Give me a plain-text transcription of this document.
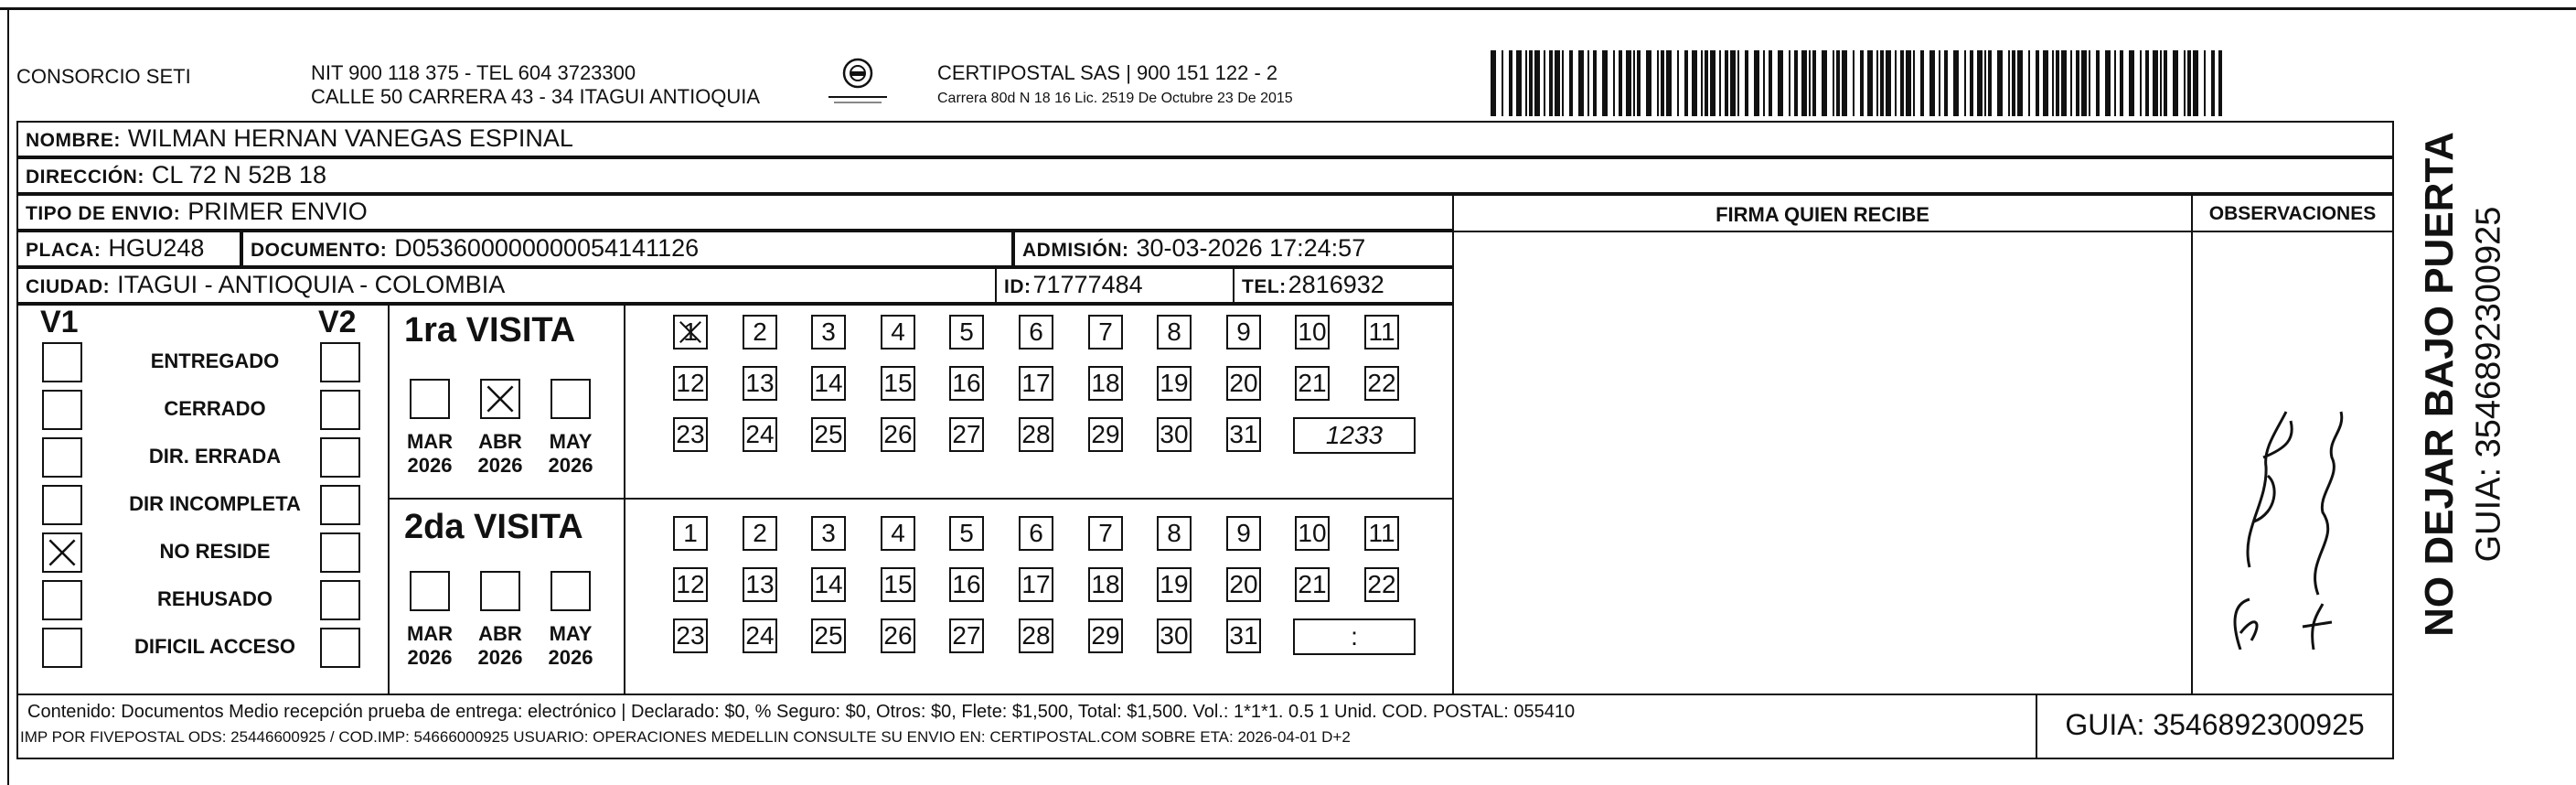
CONSORCIO SETI	NIT 900 118 375 - TEL 604 3723300
CALLE 50 CARRERA 43 - 34 ITAGUI ANTIOQUIA
CERTIPOSTAL SAS | 900 151 122 - 2
Carrera 80d N 18 16 Lic. 2519 De Octubre 23 De 2015
NOMBRE: WILMAN HERNAN VANEGAS ESPINAL
DIRECCIÓN: CL 72 N 52B 18
TIPO DE ENVIO: PRIMER ENVIO
PLACA: HGU248	DOCUMENTO: D053600000000054141126	ADMISIÓN: 30-03-2026 17:24:57
CIUDAD: ITAGUI - ANTIOQUIA - COLOMBIA	ID:71777484	TEL:2816932
FIRMA QUIEN RECIBE	OBSERVACIONES
V1	V2
ENTREGADO
CERRADO
DIR. ERRADA
DIR INCOMPLETA
NO RESIDE
REHUSADO
DIFICIL ACCESO
1ra VISITA
MAR
2026
ABR
2026
MAY
2026
1	2	3	4	5	6	7	8	9	10 11
12 13 14 15 16 17 18 19 20 21 22
23 24 25 26 27 28 29 30 31	1233
2da VISITA
MAR
2026
ABR
2026
MAY
2026
1	2	3	4	5	6	7	8	9	10 11
12 13 14 15 16 17 18 19 20 21 22
23 24 25 26 27 28 29 30 31	:
Contenido: Documentos Medio recepción prueba de entrega: electrónico | Declarado: $0, % Seguro: $0, Otros: $0, Flete: $1,500, Total: $1,500. Vol.: 1*1*1. 0.5 1 Unid. COD. POSTAL: 055410
IMP POR FIVEPOSTAL ODS: 25446600925 / COD.IMP: 54666000925 USUARIO: OPERACIONES MEDELLIN CONSULTE SU ENVIO EN: CERTIPOSTAL.COM SOBRE ETA: 2026-04-01 D+2	GUIA: 3546892300925
NO DEJAR BAJO PUERTA GUIA: 3546892300925
